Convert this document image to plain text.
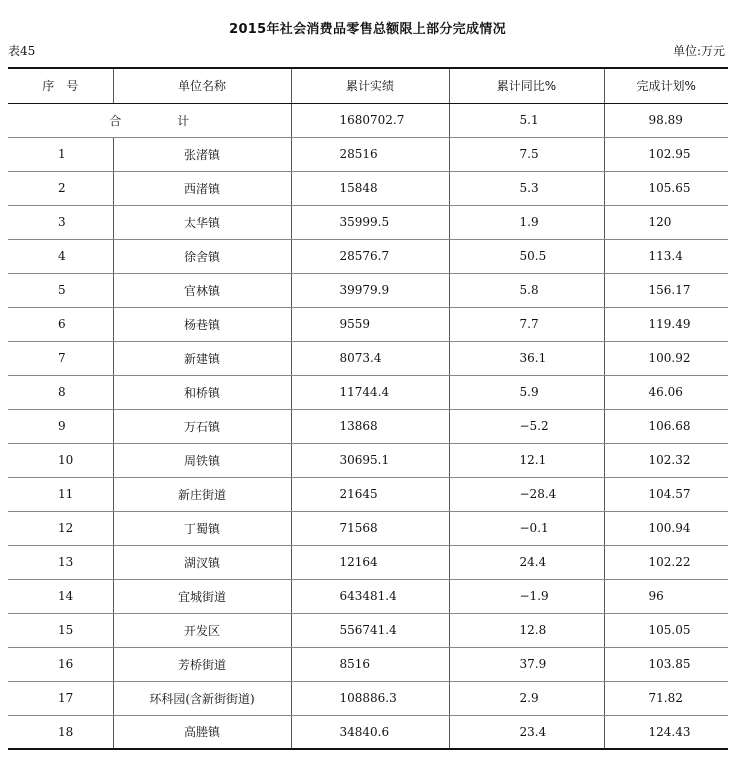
2015年社会消费品零售总额限上部分完成情况
表45	单位:万元
序　号	单位名称	累计实绩	累计同比%	完成计划%
合 计		1680702.7	5.1	98.89
1	张渚镇	28516	7.5	102.95
2	西渚镇	15848	5.3	105.65
3	太华镇	35999.5	1.9	120
4	徐舍镇	28576.7	50.5	113.4
5	官林镇	39979.9	5.8	156.17
6	杨巷镇	9559	7.7	119.49
7	新建镇	8073.4	36.1	100.92
8	和桥镇	11744.4	5.9	46.06
9	万石镇	13868	−5.2	106.68
10	周铁镇	30695.1	12.1	102.32
11	新庄街道	21645	−28.4	104.57
12	丁蜀镇	71568	−0.1	100.94
13	湖汊镇	12164	24.4	102.22
14	宜城街道	643481.4	−1.9	96
15	开发区	556741.4	12.8	105.05
16	芳桥街道	8516	37.9	103.85
17	环科园(含新街街道)	108886.3	2.9	71.82
18	高塍镇	34840.6	23.4	124.43
